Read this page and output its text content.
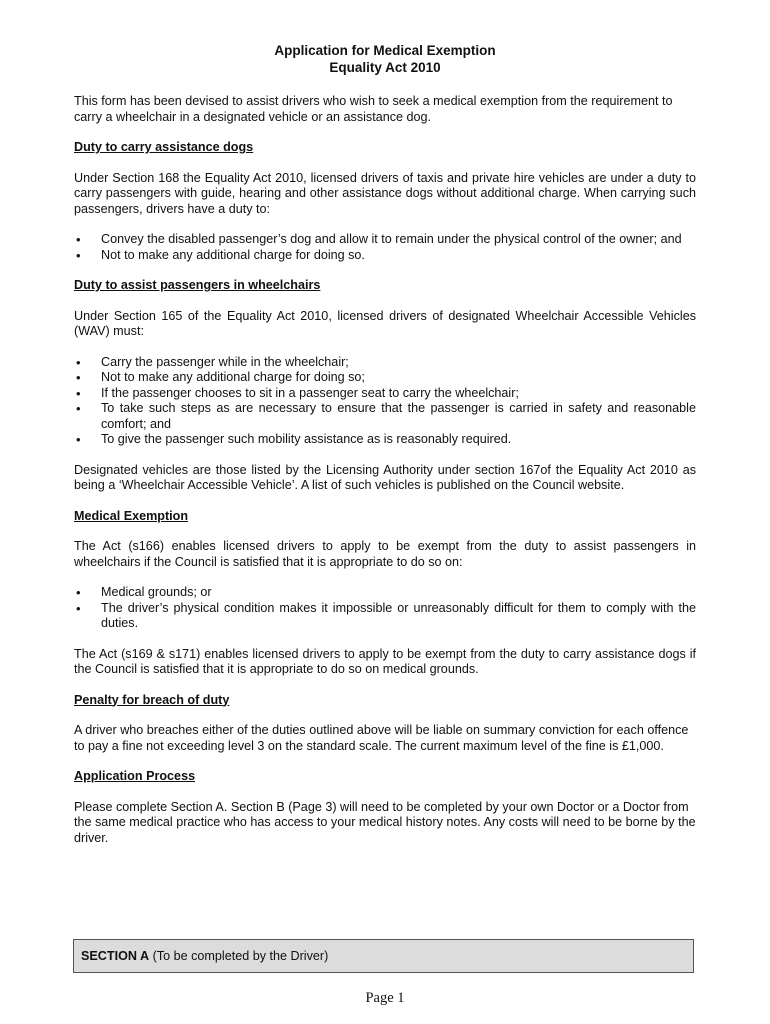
Application for Medical Exemption
Equality Act 2010

This form has been devised to assist drivers who wish to seek a medical exemption from the requirement to carry a wheelchair in a designated vehicle or an assistance dog.

Duty to carry assistance dogs

Under Section 168 the Equality Act 2010, licensed drivers of taxis and private hire vehicles are under a duty to carry passengers with guide, hearing and other assistance dogs without additional charge. When carrying such passengers, drivers have a duty to:

• Convey the disabled passenger’s dog and allow it to remain under the physical control of the owner; and
• Not to make any additional charge for doing so.
Duty to assist passengers in wheelchairs

Under Section 165 of the Equality Act 2010, licensed drivers of designated Wheelchair Accessible Vehicles (WAV) must:

• Carry the passenger while in the wheelchair;
• Not to make any additional charge for doing so;
• If the passenger chooses to sit in a passenger seat to carry the wheelchair;
• To take such steps as are necessary to ensure that the passenger is carried in safety and reasonable comfort; and
• To give the passenger such mobility assistance as is reasonably required.

Designated vehicles are those listed by the Licensing Authority under section 167of the Equality Act 2010 as being a ‘Wheelchair Accessible Vehicle’. A list of such vehicles is published on the Council website.

Medical Exemption

The Act (s166) enables licensed drivers to apply to be exempt from the duty to assist passengers in wheelchairs if the Council is satisfied that it is appropriate to do so on:

• Medical grounds; or
• The driver’s physical condition makes it impossible or unreasonably difficult for them to comply with the duties.

The Act (s169 & s171) enables licensed drivers to apply to be exempt from the duty to carry assistance dogs if the Council is satisfied that it is appropriate to do so on medical grounds.

Penalty for breach of duty

A driver who breaches either of the duties outlined above will be liable on summary conviction for each offence to pay a fine not exceeding level 3 on the standard scale. The current maximum level of the fine is £1,000.

Application Process

Please complete Section A. Section B (Page 3) will need to be completed by your own Doctor or a Doctor from the same medical practice who has access to your medical history notes. Any costs will need to be borne by the driver.

SECTION A (To be completed by the Driver)
Page 1
